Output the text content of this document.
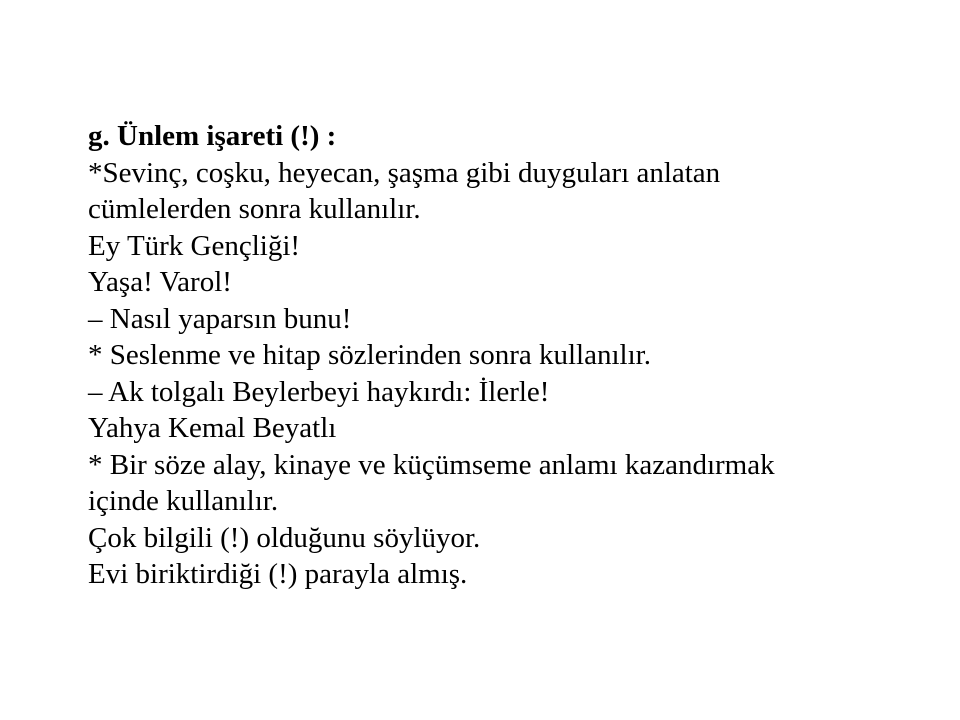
g. Ünlem işareti (!) :
*Sevinç, coşku, heyecan, şaşma gibi duyguları anlatan
cümlelerden sonra kullanılır.
Ey Türk Gençliği!
Yaşa! Varol!
– Nasıl yaparsın bunu!
* Seslenme ve hitap sözlerinden sonra kullanılır.
– Ak tolgalı Beylerbeyi haykırdı: İlerle!
Yahya Kemal Beyatlı
* Bir söze alay, kinaye ve küçümseme anlamı kazandırmak
içinde kullanılır.
Çok bilgili (!) olduğunu söylüyor.
Evi biriktirdiği (!) parayla almış.
